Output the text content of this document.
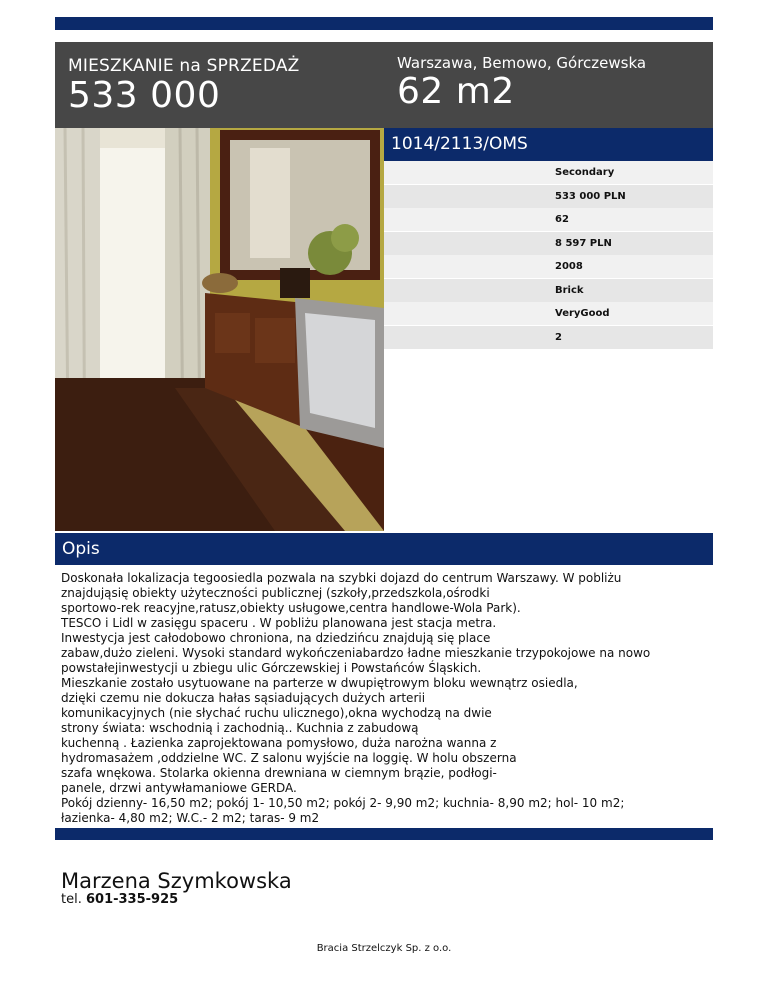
MIESZKANIE na SPRZEDAŻ
533 000
Warszawa, Bemowo, Górczewska
62 m2
1014/2113/OMS
Secondary
533 000 PLN
62
8 597 PLN
2008
Brick
VeryGood
2
Opis
Doskonała lokalizacja tegoosiedla pozwala na szybki dojazd do centrum Warszawy. W pobliżu
znajdująsię obiekty użyteczności publicznej (szkoły,przedszkola,ośrodki
sportowo-rek reacyjne,ratusz,obiekty usługowe,centra handlowe-Wola Park).
TESCO i Lidl w zasięgu spaceru . W pobliżu planowana jest stacja metra.
Inwestycja jest całodobowo chroniona, na dziedzińcu znajdują się place
zabaw,dużo zieleni. Wysoki standard wykończeniabardzo ładne mieszkanie trzypokojowe na nowo
powstałejinwestycji u zbiegu ulic Górczewskiej i Powstańców Śląskich.
Mieszkanie zostało usytuowane na parterze w dwupiętrowym bloku wewnątrz osiedla,
dzięki czemu nie dokucza hałas sąsiadujących dużych arterii
komunikacyjnych (nie słychać ruchu ulicznego),okna wychodzą na dwie
strony świata: wschodnią i zachodnią.. Kuchnia z zabudową
kuchenną . Łazienka zaprojektowana pomysłowo, duża narożna wanna z
hydromasażem ,oddzielne WC. Z salonu wyjście na loggię. W holu obszerna
szafa wnękowa. Stolarka okienna drewniana w ciemnym brązie, podłogi-
panele, drzwi antywłamaniowe GERDA.
Pokój dzienny- 16,50 m2; pokój 1- 10,50 m2; pokój 2- 9,90 m2; kuchnia- 8,90 m2; hol- 10 m2;
łazienka- 4,80 m2; W.C.- 2 m2; taras- 9 m2
Marzena Szymkowska
tel. 601-335-925
Bracia Strzelczyk Sp. z o.o.
